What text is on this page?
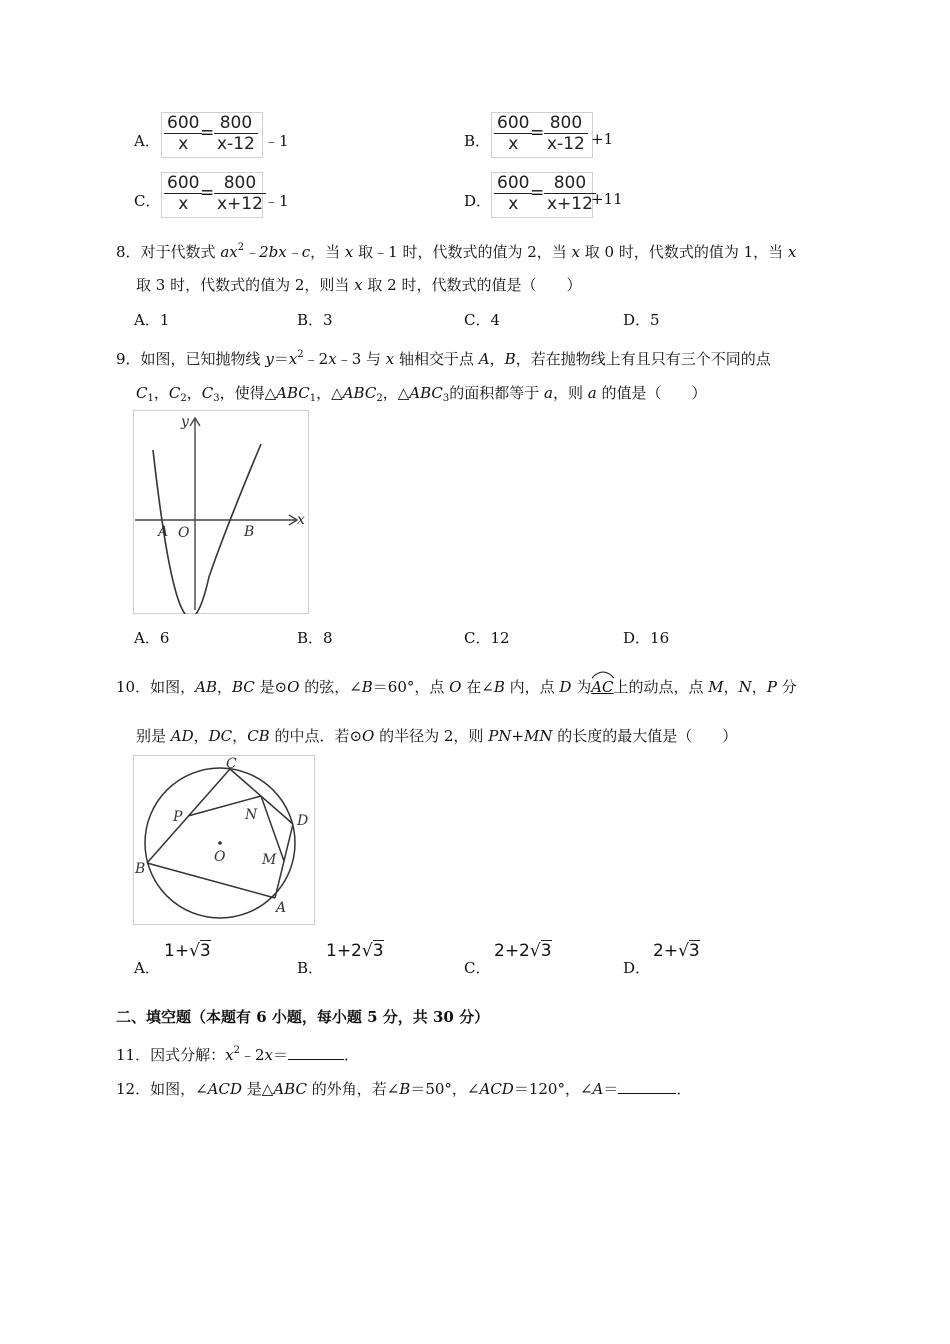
A． $\frac{600}{x}$
= $\frac{800}{x-12}$ ﹣1	B． $\frac{600}{x}$
= $\frac{800}{x-12} +1$
C． $\frac{600}{x}$
= $\frac{800}{x+12}$
﹣1	D． $\frac{600}{x}$
= $\frac{800}{x+12}$
+11
8．对于代数式 $ax^2﹣2bx﹣c$，当 x 取﹣1 时，代数式的值为 2，当 x 取 0 时，代数式的值为 1，当 x
取 3 时，代数式的值为 2，则当 x 取 2 时，代数式的值是（　　）
A．1	B．3	C．4	D．5
9．如图，已知抛物线 $y=x^2﹣2x﹣3$ 与 x 轴相交于点 A，B，若在抛物线上有且只有三个不同的点
$C_1$，$C_2$，$C_3$，使得$\triangle ABC_1$，$\triangle ABC_2$，$\triangle ABC_3$的面积都等于 a，则 a 的值是（　　）
y
x
A O	B
A．6	B．8	C．12	D．16
10．如图，AB，BC 是⊙O 的弦，∠B＝60°，点 O 在∠B 内，点 D 为
AC上的动点，点 M，N，P 分
别是 AD，DC，CB 的中点．若⊙O 的半径为 2，则 PN+MN 的长度的最大值是（　　）
C
P	N	D
O	M
B
A
A．
1+√3
B．
1+2√3
C．
2+2√3
D．
2+√3
二、填空题（本题有 6 小题，每小题 5 分，共 30 分）
11．因式分解：$x^2﹣2x=$	．
12．如图，∠ACD 是△ABC 的外角，若∠B＝50°，∠ACD＝120°，∠A＝	．
